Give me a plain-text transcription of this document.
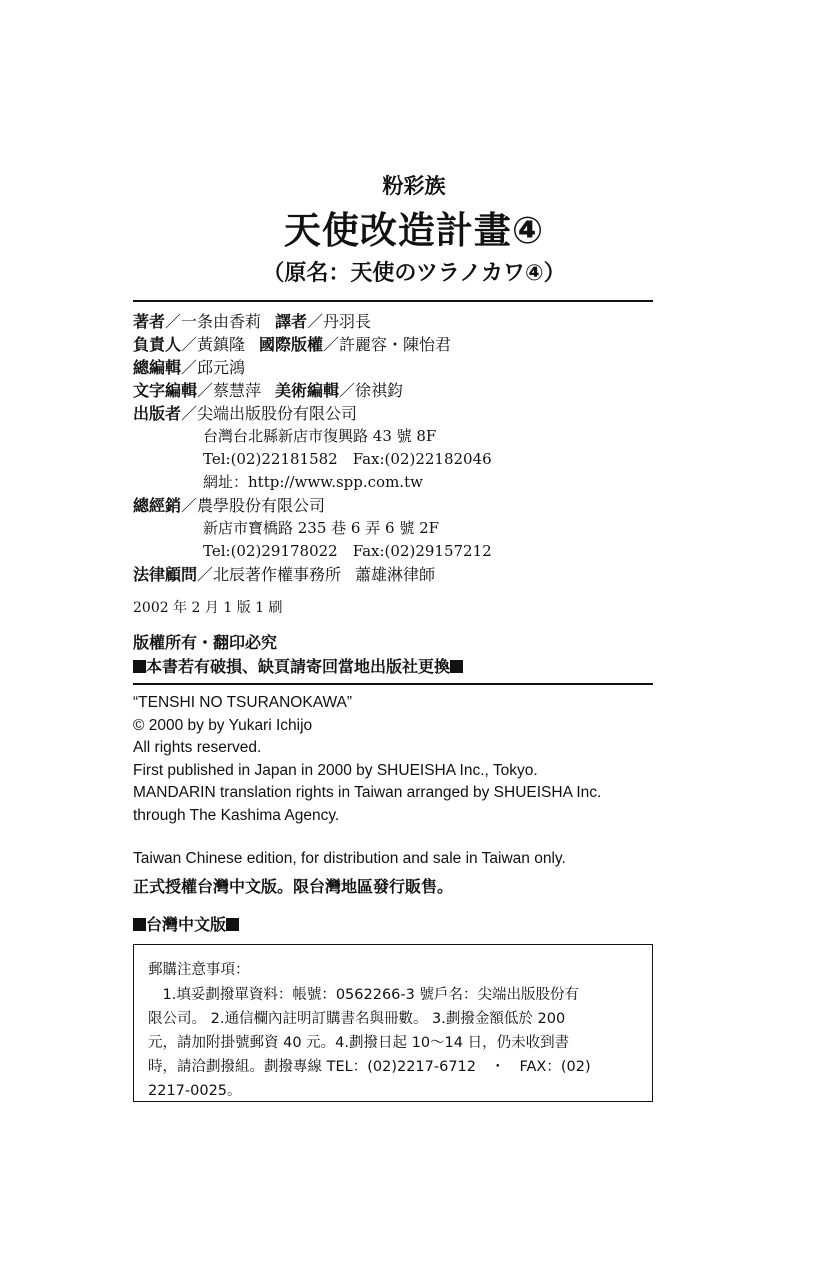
粉彩族
天使改造計畫④
（原名：天使のツラノカワ④）
著者／一条由香莉 譯者／丹羽長
負責人／黃鎮隆 國際版權／許麗容・陳怡君
總編輯／邱元鴻
文字編輯／蔡慧萍 美術編輯／徐祺鈞
出版者／尖端出版股份有限公司
台灣台北縣新店市復興路 43 號 8F
Tel:(02)22181582　Fax:(02)22182046
網址：http://www.spp.com.tw
總經銷／農學股份有限公司
新店市寶橋路 235 巷 6 弄 6 號 2F
Tel:(02)29178022　Fax:(02)29157212
法律顧問／北辰著作權事務所 蕭雄淋律師
2002 年 2 月 1 版 1 刷
版權所有・翻印必究
本書若有破損、缺頁請寄回當地出版社更換
“TENSHI NO TSURANOKAWA”
© 2000 by by Yukari Ichijo
All rights reserved.
First published in Japan in 2000 by SHUEISHA Inc., Tokyo.
MANDARIN translation rights in Taiwan arranged by SHUEISHA Inc.
through The Kashima Agency.
Taiwan Chinese edition, for distribution and sale in Taiwan only.
正式授權台灣中文版。限台灣地區發行販售。
台灣中文版
郵購注意事項：
　1.填妥劃撥單資料：帳號：0562266-3 號戶名：尖端出版股份有
限公司。 2.通信欄內註明訂購書名與冊數。 3.劃撥金額低於 200
元，請加附掛號郵資 40 元。4.劃撥日起 10～14 日，仍未收到書
時，請洽劃撥組。劃撥專線 TEL：(02)2217-6712　・　FAX：(02)
2217-0025。
